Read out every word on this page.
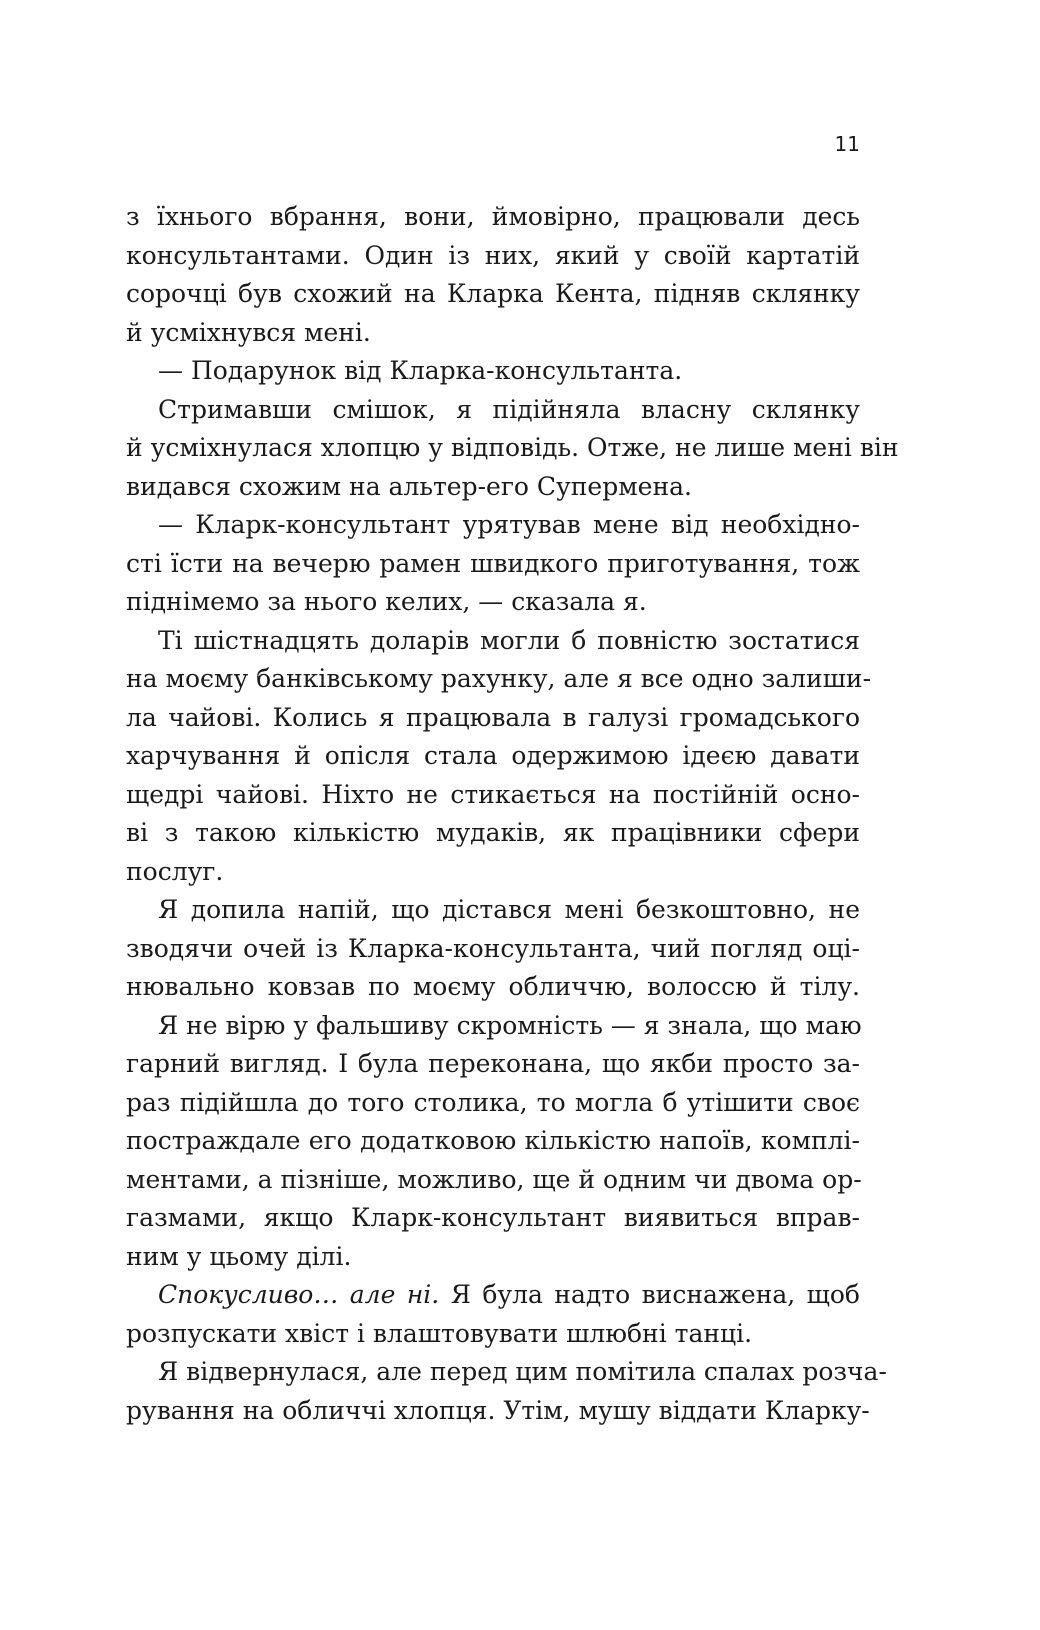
11
з їхнього вбрання, вони, ймовірно, працювали десь
консультантами. Один із них, який у своїй картатій
сорочці був схожий на Кларка Кента, підняв склянку
й усміхнувся мені.
— Подарунок від Кларка-консультанта.
Стримавши смішок, я підійняла власну склянку
й усміхнулася хлопцю у відповідь. Отже, не лише мені він
видався схожим на альтер-его Супермена.
— Кларк-консультант урятував мене від необхідно-
сті їсти на вечерю рамен швидкого приготування, тож
піднімемо за нього келих, — сказала я.
Ті шістнадцять доларів могли б повністю зостатися
на моєму банківському рахунку, але я все одно залиши-
ла чайові. Колись я працювала в галузі громадського
харчування й опісля стала одержимою ідеєю давати
щедрі чайові. Ніхто не стикається на постійній осно-
ві з такою кількістю мудаків, як працівники сфери
послуг.
Я допила напій, що дістався мені безкоштовно, не
зводячи очей із Кларка-консультанта, чий погляд оці-
нювально ковзав по моєму обличчю, волоссю й тілу.
Я не вірю у фальшиву скромність — я знала, що маю
гарний вигляд. І була переконана, що якби просто за-
раз підійшла до того столика, то могла б утішити своє
постраждале его додатковою кількістю напоїв, комплі-
ментами, а пізніше, можливо, ще й одним чи двома ор-
газмами, якщо Кларк-консультант виявиться вправ-
ним у цьому ділі.
Спокусливо… але ні. Я була надто виснажена, щоб
розпускати хвіст і влаштовувати шлюбні танці.
Я відвернулася, але перед цим помітила спалах розча-
рування на обличчі хлопця. Утім, мушу віддати Кларку-
